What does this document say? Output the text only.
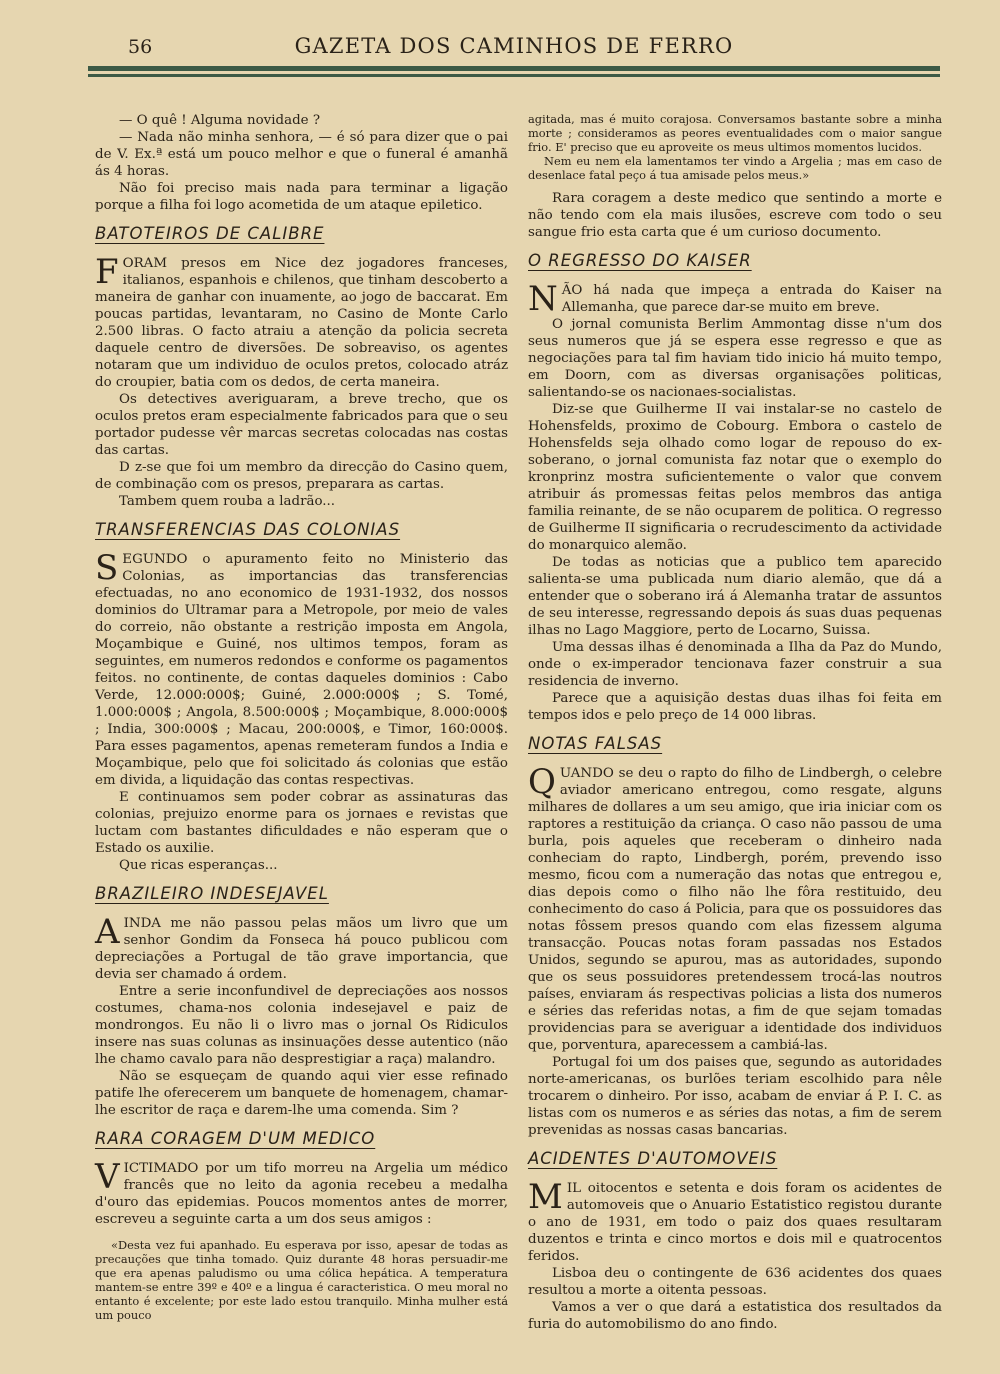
56	GAZETA DOS CAMINHOS DE FERRO

— O quê ! Alguma novidade ?

— Nada não minha senhora, — é só para dizer que o pai de V. Ex.ª está um pouco melhor e que o funeral é amanhã ás 4 horas.

Não foi preciso mais nada para terminar a ligação porque a filha foi logo acometida de um ataque epiletico.

BATOTEIROS DE CALIBRE

FORAM presos em Nice dez jogadores franceses, italianos, espanhois e chilenos, que tinham descoberto a maneira de ganhar con inuamente, ao jogo de baccarat. Em poucas partidas, levantaram, no Casino de Monte Carlo 2.500 libras. O facto atraiu a atenção da policia secreta daquele centro de diversões. De sobreaviso, os agentes notaram que um individuo de oculos pretos, colocado atráz do croupier, batia com os dedos, de certa maneira.

Os detectives averiguaram, a breve trecho, que os oculos pretos eram especialmente fabricados para que o seu portador pudesse vêr marcas secretas colocadas nas costas das cartas.

D z-se que foi um membro da direcção do Casino quem, de combinação com os presos, preparara as cartas.

Tambem quem rouba a ladrão...

TRANSFERENCIAS DAS COLONIAS

SEGUNDO o apuramento feito no Ministerio das Colonias, as importancias das transferencias efectuadas, no ano economico de 1931-1932, dos nossos dominios do Ultramar para a Metropole, por meio de vales do correio, não obstante a restrição imposta em Angola, Moçambique e Guiné, nos ultimos tempos, foram as seguintes, em numeros redondos e conforme os pagamentos feitos. no continente, de contas daqueles dominios : Cabo Verde, 12.000:000$; Guiné, 2.000:000$ ; S. Tomé, 1.000:000$ ; Angola, 8.500:000$ ; Moçambique, 8.000:000$ ; India, 300:000$ ; Macau, 200:000$, e Timor, 160:000$. Para esses pagamentos, apenas remeteram fundos a India e Moçambique, pelo que foi solicitado ás colonias que estão em divida, a liquidação das contas respectivas.

E continuamos sem poder cobrar as assinaturas das colonias, prejuizo enorme para os jornaes e revistas que luctam com bastantes dificuldades e não esperam que o Estado os auxilie.

Que ricas esperanças...

BRAZILEIRO INDESEJAVEL

AINDA me não passou pelas mãos um livro que um senhor Gondim da Fonseca há pouco publicou com depreciações a Portugal de tão grave importancia, que devia ser chamado á ordem.

Entre a serie inconfundivel de depreciações aos nossos costumes, chama-nos colonia indesejavel e paiz de mondrongos. Eu não li o livro mas o jornal Os Ridiculos insere nas suas colunas as insinuações desse autentico (não lhe chamo cavalo para não desprestigiar a raça) malandro.

Não se esqueçam de quando aqui vier esse refinado patife lhe oferecerem um banquete de homenagem, chamar-lhe escritor de raça e darem-lhe uma comenda. Sim ?

RARA CORAGEM D'UM MEDICO

VICTIMADO por um tifo morreu na Argelia um médico francês que no leito da agonia recebeu a medalha d'ouro das epidemias. Poucos momentos antes de morrer, escreveu a seguinte carta a um dos seus amigos :

«Desta vez fui apanhado. Eu esperava por isso, apesar de todas as precauções que tinha tomado. Quiz durante 48 horas persuadir-me que era apenas paludismo ou uma cólica hepática. A temperatura mantem-se entre 39º e 40º e a lingua é caracteristica. O meu moral no entanto é excelente; por este lado estou tranquilo. Minha mulher está um pouco

agitada, mas é muito corajosa. Conversamos bastante sobre a minha morte ; consideramos as peores eventualidades com o maior sangue frio. E' preciso que eu aproveite os meus ultimos momentos lucidos.

Nem eu nem ela lamentamos ter vindo a Argelia ; mas em caso de desenlace fatal peço á tua amisade pelos meus.»

Rara coragem a deste medico que sentindo a morte e não tendo com ela mais ilusões, escreve com todo o seu sangue frio esta carta que é um curioso documento.

O REGRESSO DO KAISER

NÃO há nada que impeça a entrada do Kaiser na Allemanha, que parece dar-se muito em breve.

O jornal comunista Berlim Ammontag disse n'um dos seus numeros que já se espera esse regresso e que as negociações para tal fim haviam tido inicio há muito tempo, em Doorn, com as diversas organisações politicas, salientando-se os nacionaes-socialistas.

Diz-se que Guilherme II vai instalar-se no castelo de Hohensfelds, proximo de Cobourg. Embora o castelo de Hohensfelds seja olhado como logar de repouso do ex-soberano, o jornal comunista faz notar que o exemplo do kronprinz mostra suficientemente o valor que convem atribuir ás promessas feitas pelos membros das antiga familia reinante, de se não ocuparem de politica. O regresso de Guilherme II significaria o recrudescimento da actividade do monarquico alemão.

De todas as noticias que a publico tem aparecido salienta-se uma publicada num diario alemão, que dá a entender que o soberano irá á Alemanha tratar de assuntos de seu interesse, regressando depois ás suas duas pequenas ilhas no Lago Maggiore, perto de Locarno, Suissa.

Uma dessas ilhas é denominada a Ilha da Paz do Mundo, onde o ex-imperador tencionava fazer construir a sua residencia de inverno.

Parece que a aquisição destas duas ilhas foi feita em tempos idos e pelo preço de 14 000 libras.

NOTAS FALSAS

QUANDO se deu o rapto do filho de Lindbergh, o celebre aviador americano entregou, como resgate, alguns milhares de dollares a um seu amigo, que iria iniciar com os raptores a restituição da criança. O caso não passou de uma burla, pois aqueles que receberam o dinheiro nada conheciam do rapto, Lindbergh, porém, prevendo isso mesmo, ficou com a numeração das notas que entregou e, dias depois como o filho não lhe fôra restituido, deu conhecimento do caso á Policia, para que os possuidores das notas fôssem presos quando com elas fizessem alguma transacção. Poucas notas foram passadas nos Estados Unidos, segundo se apurou, mas as autoridades, supondo que os seus possuidores pretendessem trocá-las noutros países, enviaram ás respectivas policias a lista dos numeros e séries das referidas notas, a fim de que sejam tomadas providencias para se averiguar a identidade dos individuos que, porventura, aparecessem a cambiá-las.

Portugal foi um dos paises que, segundo as autoridades norte-americanas, os burlões teriam escolhido para nêle trocarem o dinheiro. Por isso, acabam de enviar á P. I. C. as listas com os numeros e as séries das notas, a fim de serem prevenidas as nossas casas bancarias.

ACIDENTES D'AUTOMOVEIS

MIL oitocentos e setenta e dois foram os acidentes de automoveis que o Anuario Estatistico registou durante o ano de 1931, em todo o paiz dos quaes resultaram duzentos e trinta e cinco mortos e dois mil e quatrocentos feridos.

Lisboa deu o contingente de 636 acidentes dos quaes resultou a morte a oitenta pessoas.

Vamos a ver o que dará a estatistica dos resultados da furia do automobilismo do ano findo.
